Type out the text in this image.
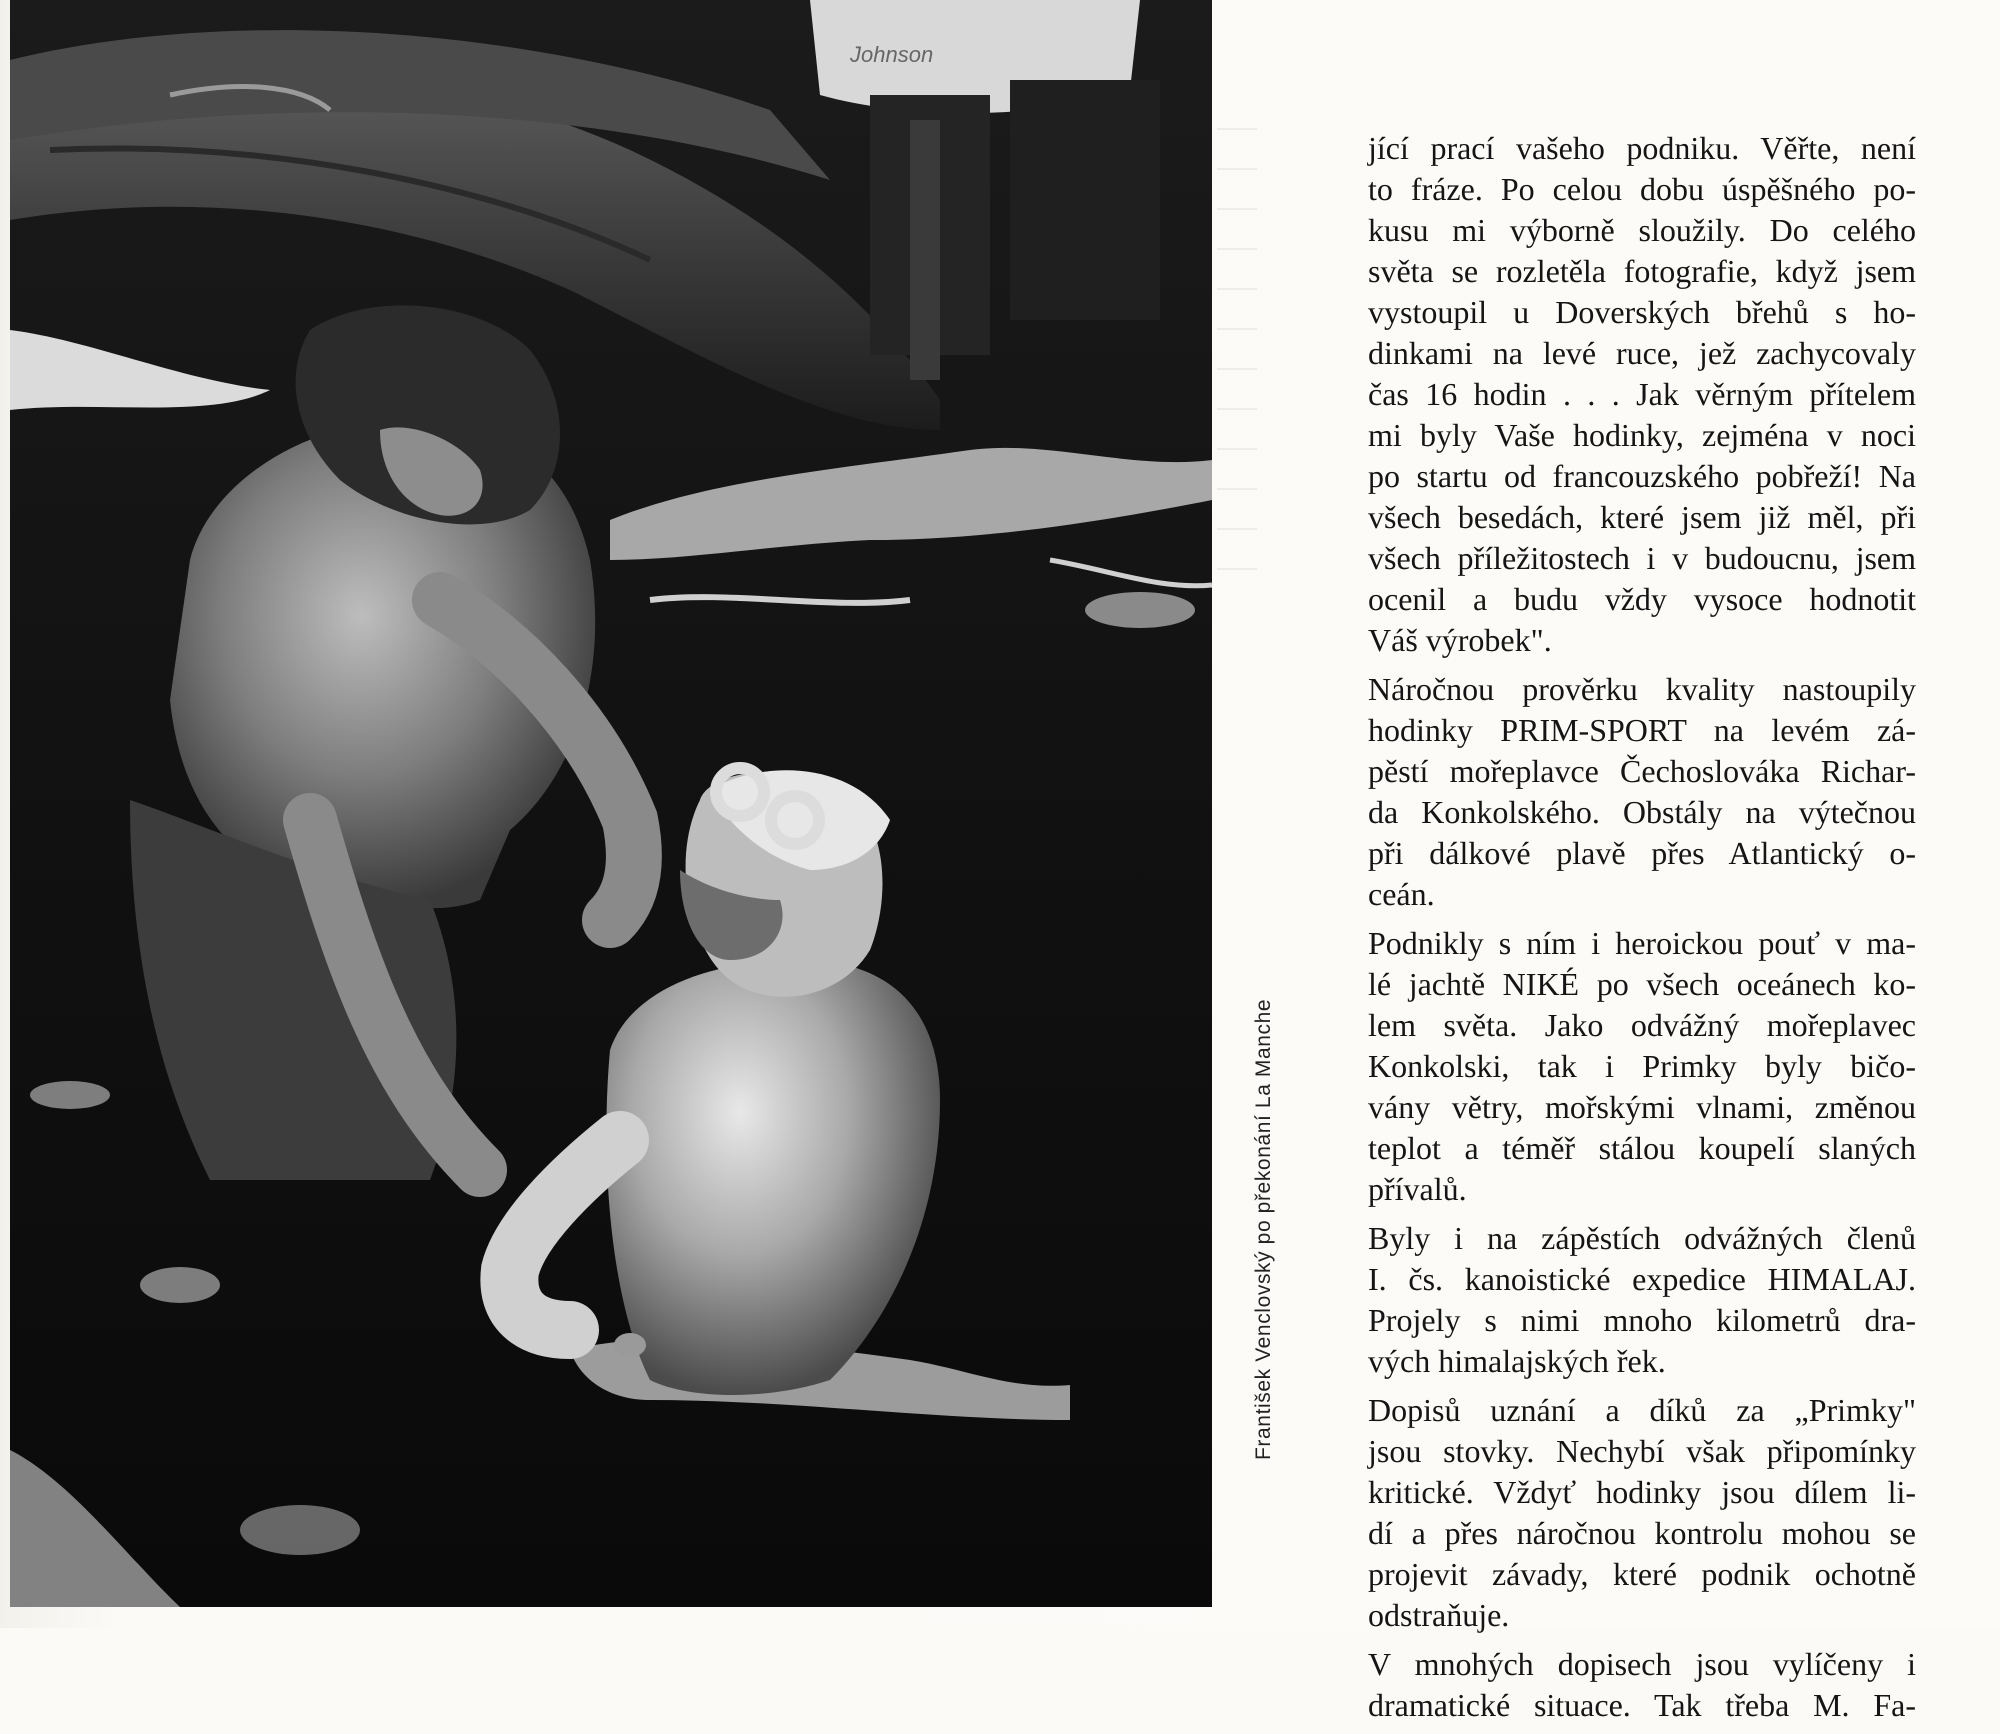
Johnson
František Venclovský po překonání La Manche
jící prací vašeho podniku. Věřte, není
to fráze. Po celou dobu úspěšného po-
kusu mi výborně sloužily. Do celého
světa se rozletěla fotografie, když jsem
vystoupil u Doverských břehů s ho-
dinkami na levé ruce, jež zachycovaly
čas 16 hodin . . . Jak věrným přítelem
mi byly Vaše hodinky, zejména v noci
po startu od francouzského pobřeží! Na
všech besedách, které jsem již měl, při
všech příležitostech i v budoucnu, jsem
ocenil a budu vždy vysoce hodnotit
Váš výrobek".
Náročnou prověrku kvality nastoupily
hodinky PRIM-SPORT na levém zá-
pěstí mořeplavce Čechoslováka Richar-
da Konkolského. Obstály na výtečnou
při dálkové plavě přes Atlantický o-
ceán.
Podnikly s ním i heroickou pouť v ma-
lé jachtě NIKÉ po všech oceánech ko-
lem světa. Jako odvážný mořeplavec
Konkolski, tak i Primky byly bičo-
vány větry, mořskými vlnami, změnou
teplot a téměř stálou koupelí slaných
přívalů.
Byly i na zápěstích odvážných členů
I. čs. kanoistické expedice HIMALAJ.
Projely s nimi mnoho kilometrů dra-
vých himalajských řek.
Dopisů uznání a díků za „Primky"
jsou stovky. Nechybí však připomínky
kritické. Vždyť hodinky jsou dílem li-
dí a přes náročnou kontrolu mohou se
projevit závady, které podnik ochotně
odstraňuje.
V mnohých dopisech jsou vylíčeny i
dramatické situace. Tak třeba M. Fa-
